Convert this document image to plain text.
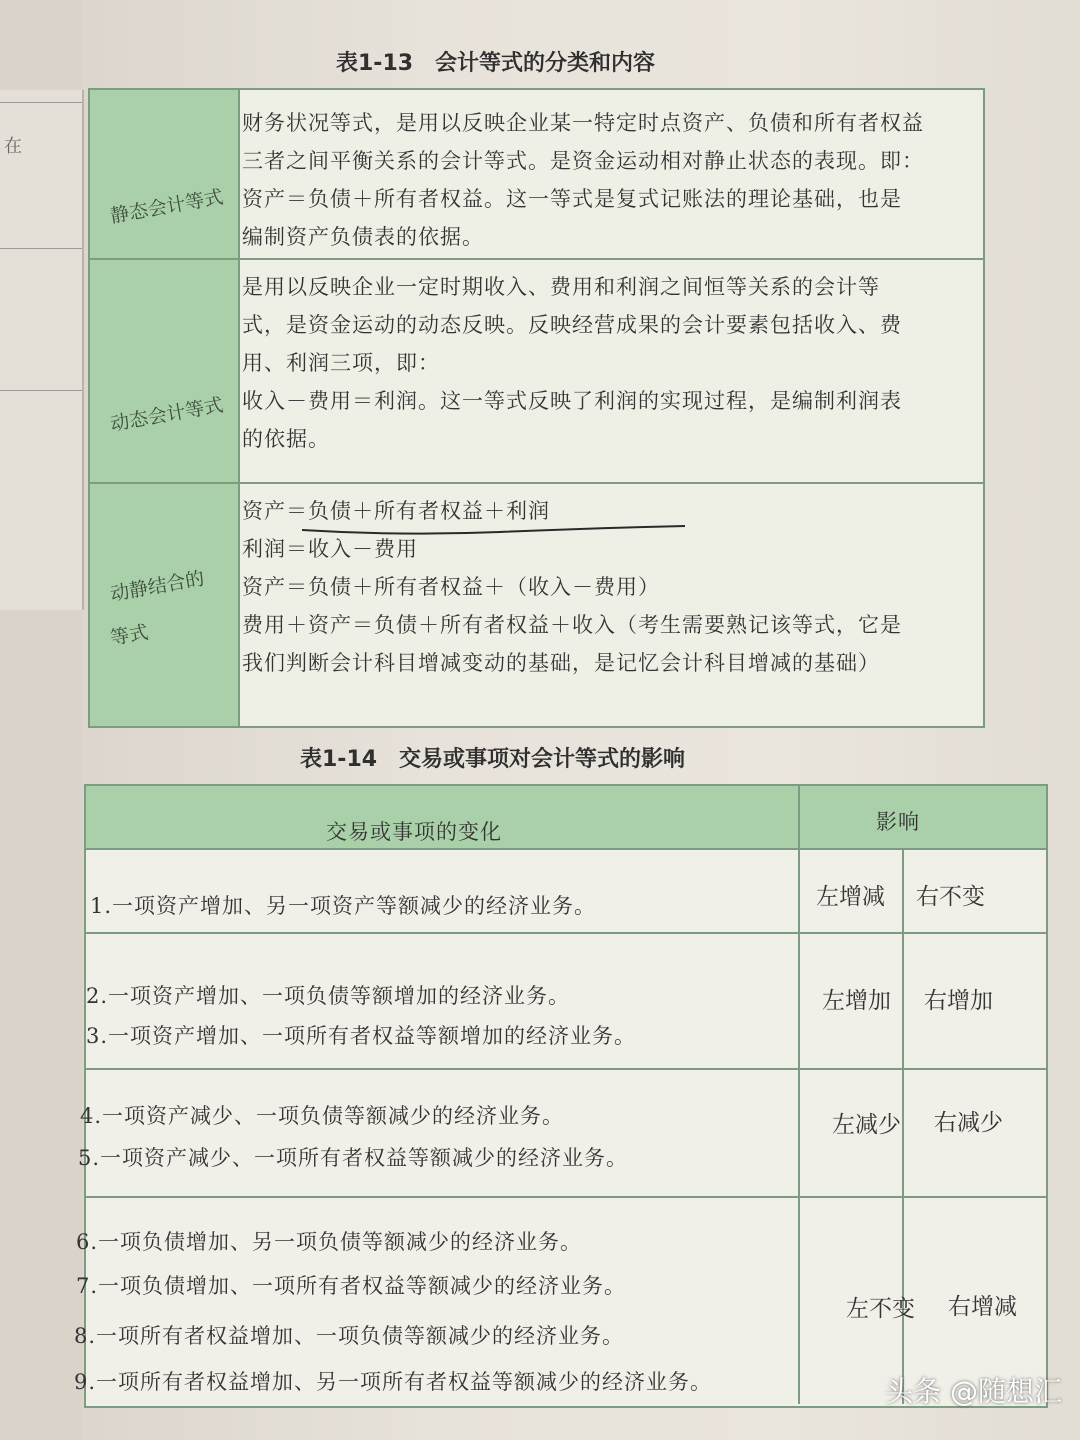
在
表1-13　会计等式的分类和内容
静态会计等式
动态会计等式
动静结合的
等式
财务状况等式，是用以反映企业某一特定时点资产、负债和所有者权益
三者之间平衡关系的会计等式。是资金运动相对静止状态的表现。即：
资产＝负债＋所有者权益。这一等式是复式记账法的理论基础，也是
编制资产负债表的依据。
是用以反映企业一定时期收入、费用和利润之间恒等关系的会计等
式，是资金运动的动态反映。反映经营成果的会计要素包括收入、费
用、利润三项，即：
收入－费用＝利润。这一等式反映了利润的实现过程，是编制利润表
的依据。
资产＝负债＋所有者权益＋利润
利润＝收入－费用
资产＝负债＋所有者权益＋（收入－费用）
费用＋资产＝负债＋所有者权益＋收入（考生需要熟记该等式，它是
我们判断会计科目增减变动的基础，是记忆会计科目增减的基础）
表1-14　交易或事项对会计等式的影响
交易或事项的变化	影响
1.一项资产增加、另一项资产等额减少的经济业务。	左增减 右不变
2.一项资产增加、一项负债等额增加的经济业务。
3.一项资产增加、一项所有者权益等额增加的经济业务。
左增加 右增加
4.一项资产减少、一项负债等额减少的经济业务。
5.一项资产减少、一项所有者权益等额减少的经济业务。
左减少 右减少
6.一项负债增加、另一项负债等额减少的经济业务。
7.一项负债增加、一项所有者权益等额减少的经济业务。
8.一项所有者权益增加、一项负债等额减少的经济业务。
9.一项所有者权益增加、另一项所有者权益等额减少的经济业务。
左不变 右增减
头条 @随想汇
